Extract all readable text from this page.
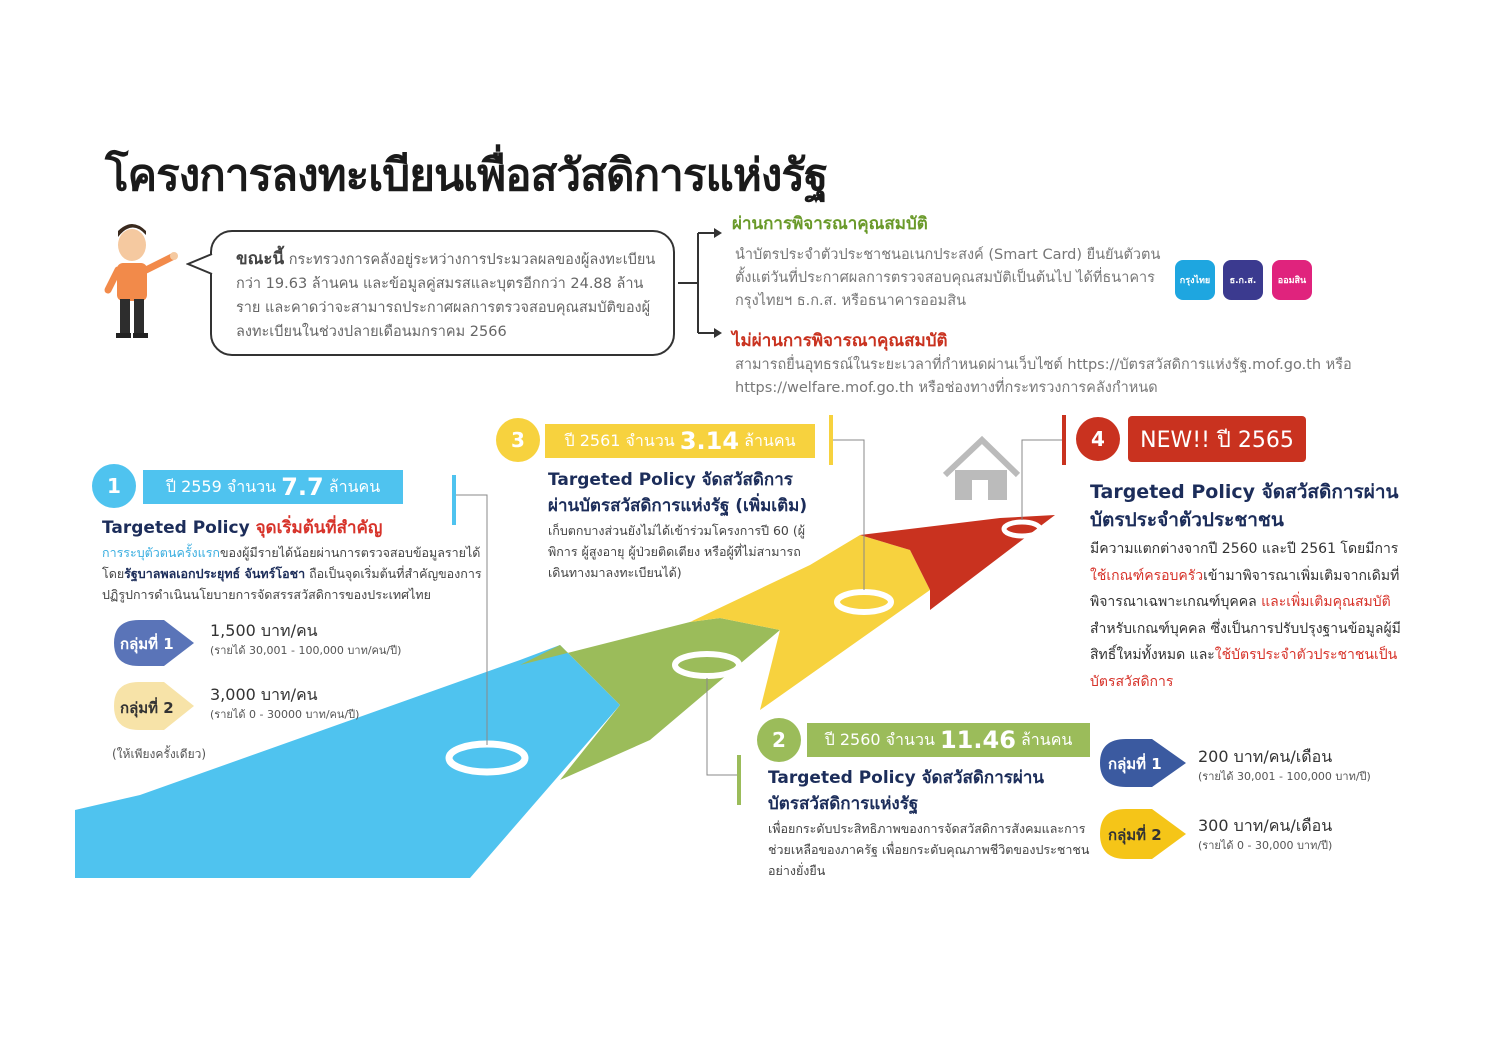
โครงการลงทะเบียนเพื่อสวัสดิการแห่งรัฐ
ขณะนี้ กระทรวงการคลังอยู่ระหว่างการประมวลผลของผู้ลงทะเบียน กว่า 19.63 ล้านคน และข้อมูลคู่สมรสและบุตรอีกกว่า 24.88 ล้านราย และคาดว่าจะสามารถประกาศผลการตรวจสอบคุณสมบัติของผู้ลงทะเบียนในช่วงปลายเดือนมกราคม 2566
ผ่านการพิจารณาคุณสมบัติ
นำบัตรประจำตัวประชาชนอเนกประสงค์ (Smart Card) ยืนยันตัวตน ตั้งแต่วันที่ประกาศผลการตรวจสอบคุณสมบัติเป็นต้นไป ได้ที่ธนาคารกรุงไทยฯ ธ.ก.ส. หรือธนาคารออมสิน
ไม่ผ่านการพิจารณาคุณสมบัติ
สามารถยื่นอุทธรณ์ในระยะเวลาที่กำหนดผ่านเว็บไซต์ https://บัตรสวัสดิการแห่งรัฐ.mof.go.th หรือ https://welfare.mof.go.th หรือช่องทางที่กระทรวงการคลังกำหนด
กรุงไทย ธ.ก.ส. ออมสิน
1	ปี 2559 จำนวน
7.7
ล้านคน
Targeted Policy จุดเริ่มต้นที่สำคัญ
การระบุตัวตนครั้งแรกของผู้มีรายได้น้อยผ่านการตรวจสอบข้อมูลรายได้ โดยรัฐบาลพลเอกประยุทธ์ จันทร์โอชา ถือเป็นจุดเริ่มต้นที่สำคัญของการปฏิรูปการดำเนินนโยบายการจัดสรรสวัสดิการของประเทศไทย
กลุ่มที่ 1
1,500 บาท/คน
(รายได้ 30,001 - 100,000 บาท/คน/ปี)
กลุ่มที่ 2
3,000 บาท/คน
(รายได้ 0 - 30000 บาท/คน/ปี)
(ให้เพียงครั้งเดียว)
3	ปี 2561 จำนวน
3.14
ล้านคน
Targeted Policy จัดสวัสดิการผ่านบัตรสวัสดิการแห่งรัฐ (เพิ่มเติม)
เก็บตกบางส่วนยังไม่ได้เข้าร่วมโครงการปี 60 (ผู้พิการ ผู้สูงอายุ ผู้ป่วยติดเตียง หรือผู้ที่ไม่สามารถเดินทางมาลงทะเบียนได้)
4	NEW!! ปี 2565
Targeted Policy จัดสวัสดิการผ่านบัตรประจำตัวประชาชน
มีความแตกต่างจากปี 2560 และปี 2561 โดยมีการใช้เกณฑ์ครอบครัวเข้ามาพิจารณาเพิ่มเติมจากเดิมที่พิจารณาเฉพาะเกณฑ์บุคคล และเพิ่มเติมคุณสมบัติสำหรับเกณฑ์บุคคล ซึ่งเป็นการปรับปรุงฐานข้อมูลผู้มีสิทธิ์ใหม่ทั้งหมด และใช้บัตรประจำตัวประชาชนเป็นบัตรสวัสดิการ
2	ปี 2560 จำนวน
11.46
ล้านคน
Targeted Policy จัดสวัสดิการผ่านบัตรสวัสดิการแห่งรัฐ
เพื่อยกระดับประสิทธิภาพของการจัดสวัสดิการสังคมและการช่วยเหลือของภาครัฐ เพื่อยกระดับคุณภาพชีวิตของประชาชนอย่างยั่งยืน
กลุ่มที่ 1 200 บาท/คน/เดือน
(รายได้ 30,001 - 100,000 บาท/ปี)
กลุ่มที่ 2 300 บาท/คน/เดือน
(รายได้ 0 - 30,000 บาท/ปี)
